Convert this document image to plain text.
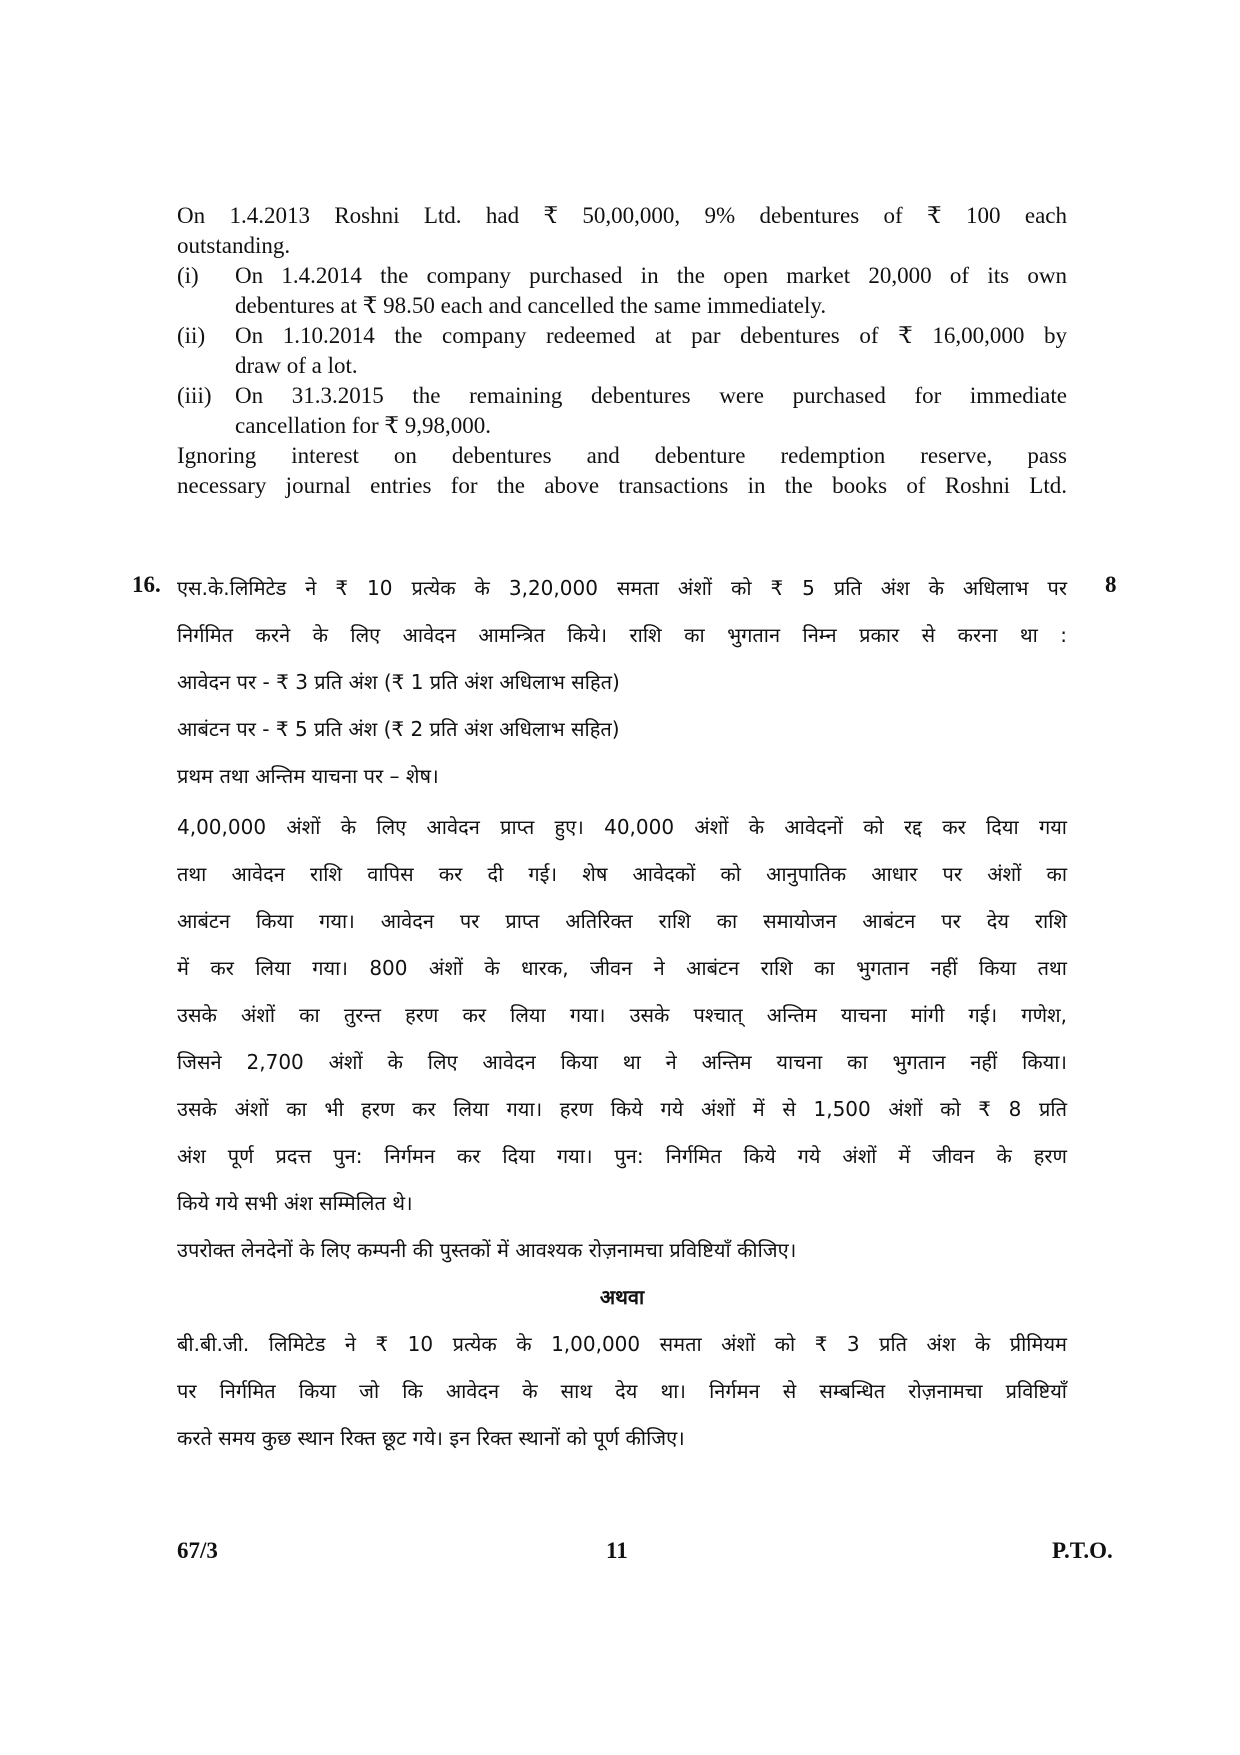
On 1.4.2013 Roshni Ltd. had ₹ 50,00,000, 9% debentures of ₹ 100 each
outstanding.
(i)	On 1.4.2014 the company purchased in the open market 20,000 of its own
debentures at ₹ 98.50 each and cancelled the same immediately.
(ii)	On 1.10.2014 the company redeemed at par debentures of ₹ 16,00,000 by
draw of a lot.
(iii)	On 31.3.2015 the remaining debentures were purchased for immediate
cancellation for ₹ 9,98,000.
Ignoring interest on debentures and debenture redemption reserve, pass
necessary journal entries for the above transactions in the books of Roshni Ltd.
16.	8
एस.के.लिमिटेड ने ₹ 10 प्रत्येक के 3,20,000 समता अंशों को ₹ 5 प्रति अंश के अधिलाभ पर
निर्गमित करने के लिए आवेदन आमन्त्रित किये। राशि का भुगतान निम्न प्रकार से करना था :
आवेदन पर - ₹ 3 प्रति अंश (₹ 1 प्रति अंश अधिलाभ सहित)
आबंटन पर - ₹ 5 प्रति अंश (₹ 2 प्रति अंश अधिलाभ सहित)
प्रथम तथा अन्तिम याचना पर – शेष।
4,00,000 अंशों के लिए आवेदन प्राप्त हुए। 40,000 अंशों के आवेदनों को रद्द कर दिया गया
तथा आवेदन राशि वापिस कर दी गई। शेष आवेदकों को आनुपातिक आधार पर अंशों का
आबंटन किया गया। आवेदन पर प्राप्त अतिरिक्त राशि का समायोजन आबंटन पर देय राशि
में कर लिया गया। 800 अंशों के धारक, जीवन ने आबंटन राशि का भुगतान नहीं किया तथा
उसके अंशों का तुरन्त हरण कर लिया गया। उसके पश्चात् अन्तिम याचना मांगी गई। गणेश,
जिसने 2,700 अंशों के लिए आवेदन किया था ने अन्तिम याचना का भुगतान नहीं किया।
उसके अंशों का भी हरण कर लिया गया। हरण किये गये अंशों में से 1,500 अंशों को ₹ 8 प्रति
अंश पूर्ण प्रदत्त पुन: निर्गमन कर दिया गया। पुन: निर्गमित किये गये अंशों में जीवन के हरण
किये गये सभी अंश सम्मिलित थे।
उपरोक्त लेनदेनों के लिए कम्पनी की पुस्तकों में आवश्यक रोज़नामचा प्रविष्टियाँ कीजिए।
अथवा
बी.बी.जी. लिमिटेड ने ₹ 10 प्रत्येक के 1,00,000 समता अंशों को ₹ 3 प्रति अंश के प्रीमियम
पर निर्गमित किया जो कि आवेदन के साथ देय था। निर्गमन से सम्बन्धित रोज़नामचा प्रविष्टियाँ
करते समय कुछ स्थान रिक्त छूट गये। इन रिक्त स्थानों को पूर्ण कीजिए।
67/3	11	P.T.O.
